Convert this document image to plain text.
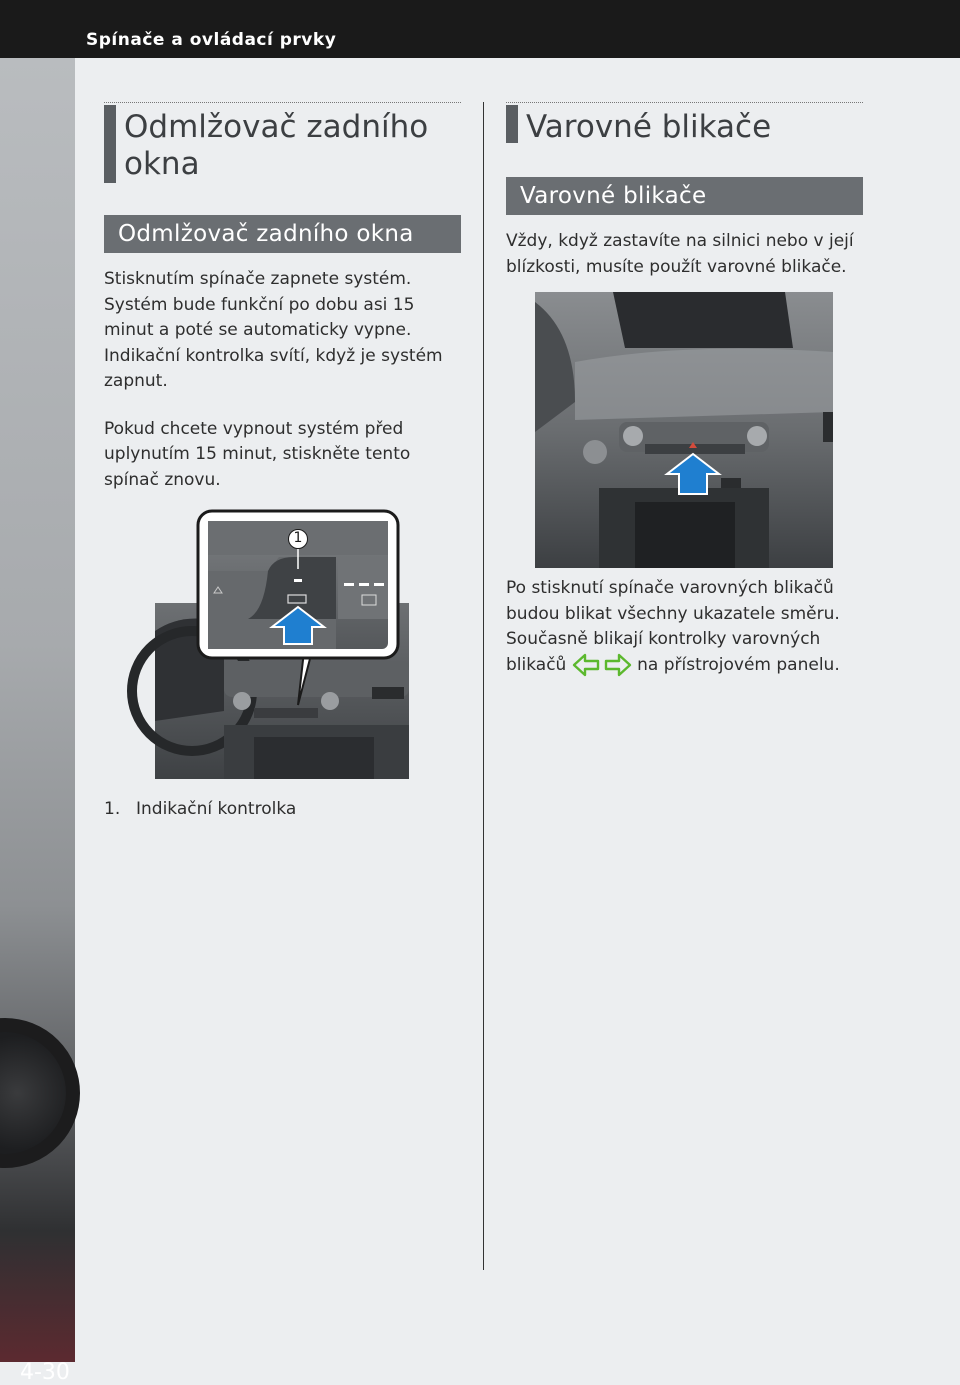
Spínače a ovládací prvky
4-30
Odmlžovač zadního okna
Odmlžovač zadního okna
Stisknutím spínače zapnete systém. Systém bude funkční po dobu asi 15 minut a poté se automaticky vypne. Indikační kontrolka svítí, když je systém zapnut.
Pokud chcete vypnout systém před uplynutím 15 minut, stiskněte tento spínač znovu.
1
1. Indikační kontrolka
Varovné blikače
Varovné blikače
Vždy, když zastavíte na silnici nebo v její blízkosti, musíte použít varovné blikače.
Po stisknutí spínače varovných blikačů budou blikat všechny ukazatele směru. Současně blikají kontrolky varovných blikačů	na přístrojovém panelu.
